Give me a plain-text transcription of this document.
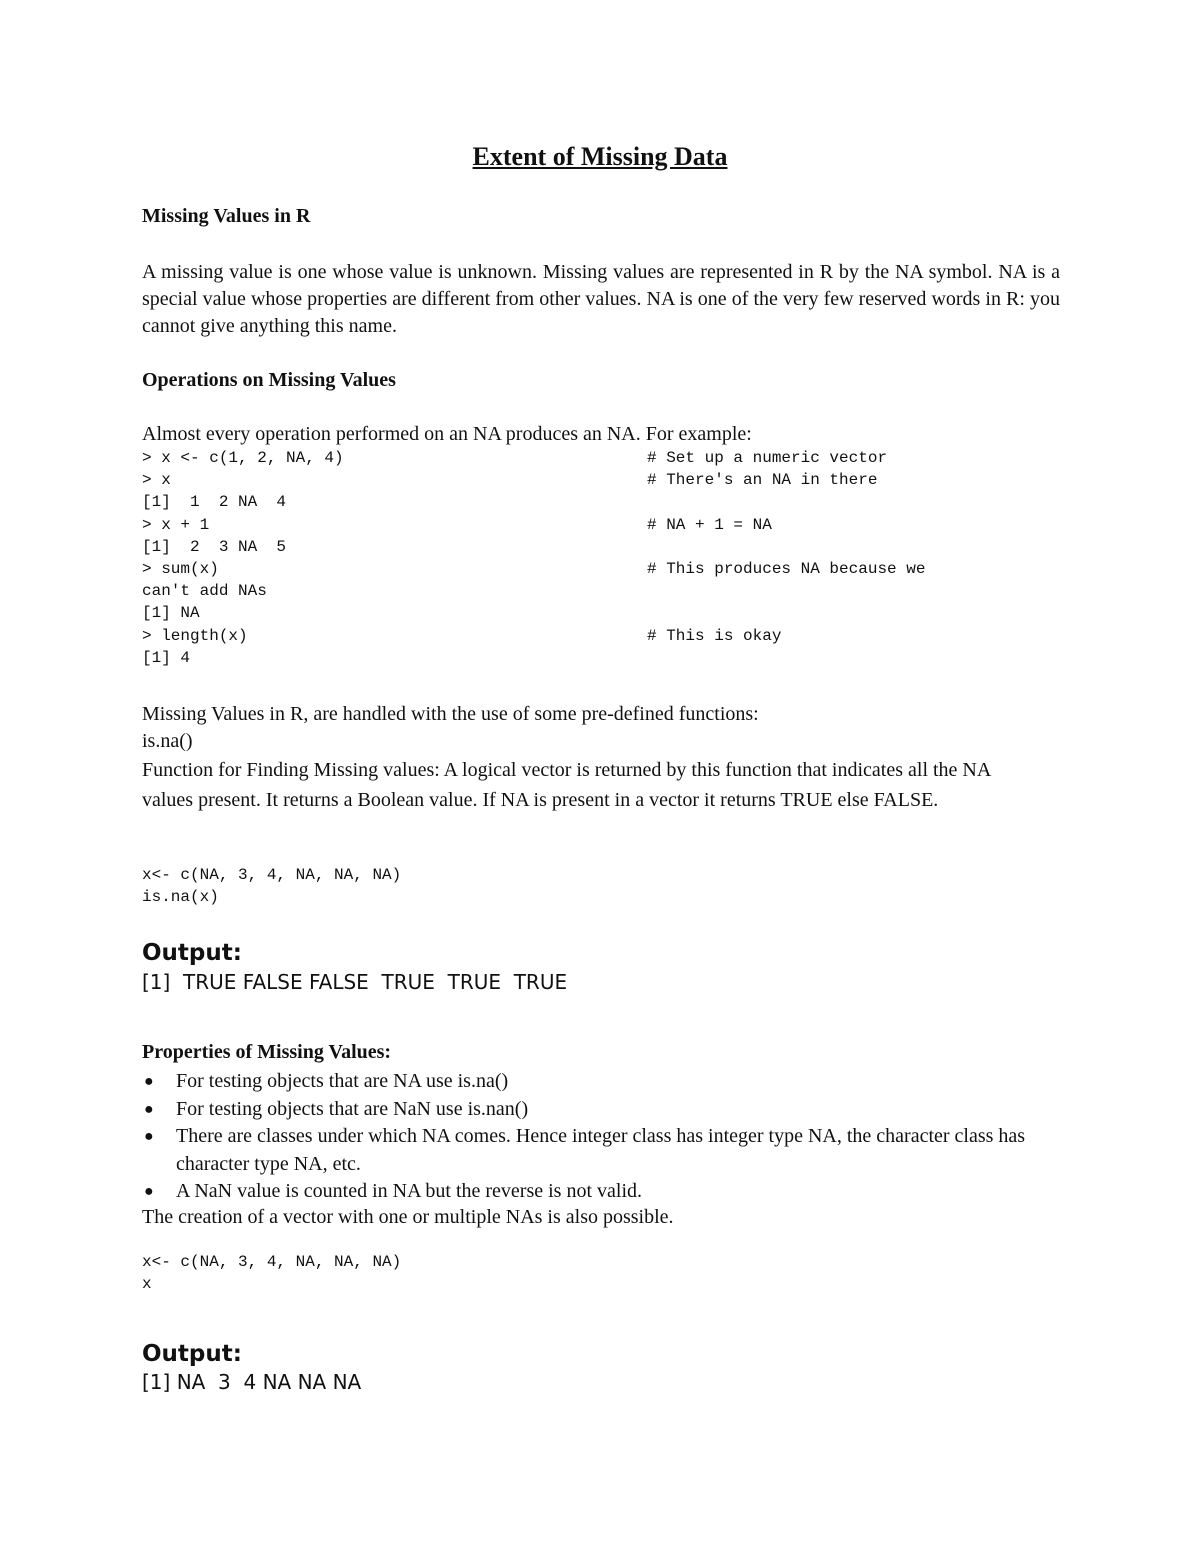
Extent of Missing Data
Missing Values in R
A missing value is one whose value is unknown. Missing values are represented in R by the NA symbol. NA is a special value whose properties are different from other values. NA is one of the very few reserved words in R: you cannot give anything this name.
Operations on Missing Values
Almost every operation performed on an NA produces an NA. For example:
> x <- c(1, 2, NA, 4)	# Set up a numeric vector
> x	# There's an NA in there
[1]  1  2 NA  4
> x + 1	# NA + 1 = NA
[1]  2  3 NA  5
> sum(x)	# This produces NA because we
can't add NAs
[1] NA
> length(x)	# This is okay
[1] 4
Missing Values in R, are handled with the use of some pre-defined functions:
is.na()
Function for Finding Missing values: A logical vector is returned by this function that indicates all the NA values present. It returns a Boolean value. If NA is present in a vector it returns TRUE else FALSE.
x<- c(NA, 3, 4, NA, NA, NA)
is.na(x)
Output:
[1]  TRUE FALSE FALSE  TRUE  TRUE  TRUE
Properties of Missing Values:
● For testing objects that are NA use is.na()
● For testing objects that are NaN use is.nan()
● There are classes under which NA comes. Hence integer class has integer type NA, the character class has character type NA, etc.
● A NaN value is counted in NA but the reverse is not valid.
The creation of a vector with one or multiple NAs is also possible.
x<- c(NA, 3, 4, NA, NA, NA)
x
Output:
[1] NA  3  4 NA NA NA
